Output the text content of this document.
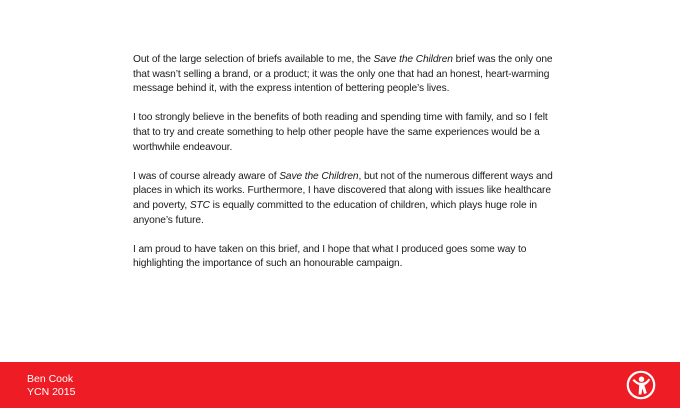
Out of the large selection of briefs available to me, the Save the Children brief was the only one that wasn’t selling a brand, or a product; it was the only one that had an honest, heart-warming message behind it, with the express intention of bettering people’s lives.

I too strongly believe in the benefits of both reading and spending time with family, and so I felt that to try and create something to help other people have the same experiences would be a worthwhile endeavour.

I was of course already aware of Save the Children, but not of the numerous different ways and places in which its works. Furthermore, I have discovered that along with issues like healthcare and poverty, STC is equally committed to the education of children, which plays huge role in anyone’s future.

I am proud to have taken on this brief, and I hope that what I produced goes some way to highlighting the importance of such an honourable campaign.

Ben Cook
YCN 2015
